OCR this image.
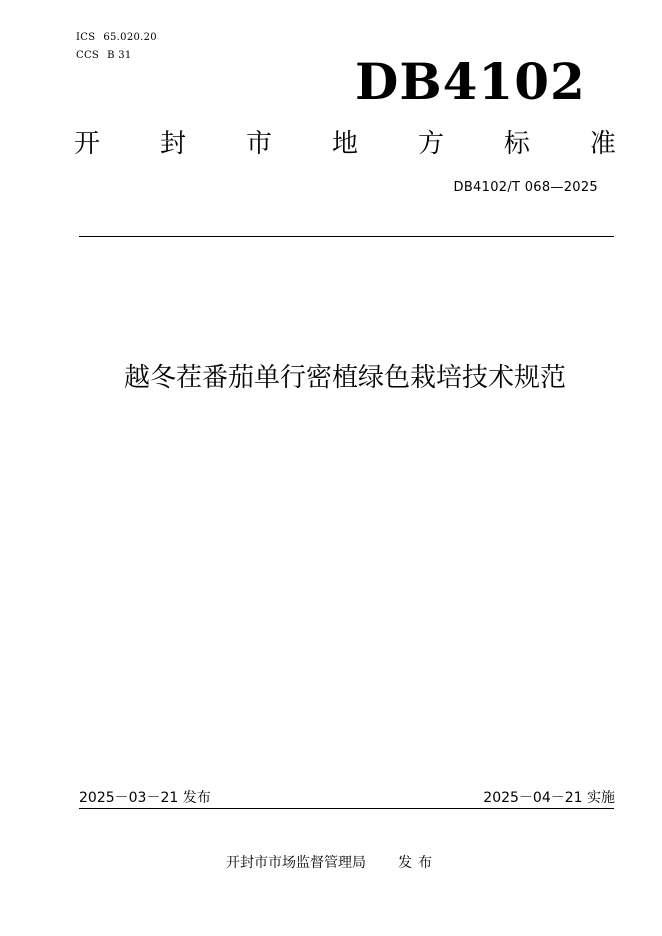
ICS 65.020.20
CCS B 31	DB4102
开 封 市 地 方 标 准
DB4102/T 068—2025
越冬茬番茄单行密植绿色栽培技术规范
2025－03－21 发布	2025－04－21 实施
开封市市场监督管理局 发布
